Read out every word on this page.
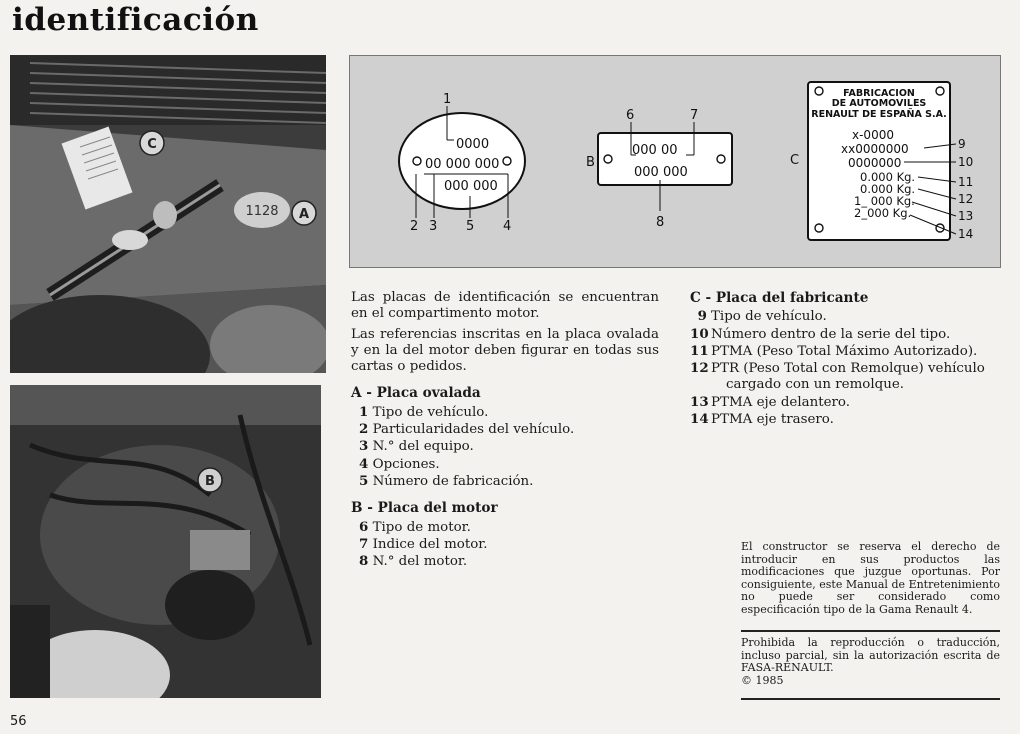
identificación
1128
C
A
B
0000
00 000 000
000 000
1
2 3 5 4
B
000 00
000 000
6	7
8
C
FABRICACION
DE AUTOMOVILES
RENAULT DE ESPAÑA S.A.
x-0000
xx0000000
0000000
0.000 Kg.
0.000 Kg.
1_ 000 Kg.
2_000 Kg.
9
10
11
12
13
14

Las placas de identificación se encuentran en el compartimento motor.

Las referencias inscritas en la placa ovalada y en la del motor deben figurar en todas sus cartas o pedidos.

A - Placa ovalada
1 Tipo de vehículo.
2 Particularidades del vehículo.
3 N.° del equipo.
4 Opciones.
5 Número de fabricación.
B - Placa del motor
6 Tipo de motor.
7 Indice del motor.
8 N.° del motor.
C - Placa del fabricante
9 Tipo de vehículo.
10 Número dentro de la serie del tipo.
11 PTMA (Peso Total Máximo Autorizado).
12 PTR (Peso Total con Remolque) vehículo cargado con un remolque.
13 PTMA eje delantero.
14 PTMA eje trasero.

El constructor se reserva el derecho de introducir en sus productos las modificaciones que juzgue oportunas. Por consiguiente, este Manual de Entretenimiento no puede ser considerado como especificación tipo de la Gama Renault 4.

Prohibida la reproducción o traducción, incluso parcial, sin la autorización escrita de FASA-RENAULT.

© 1985

56
